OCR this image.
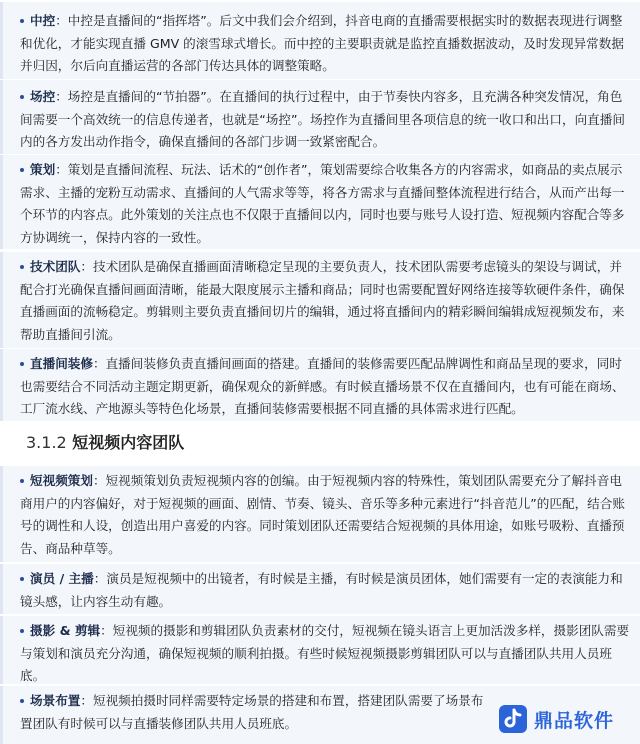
中控：中控是直播间的“指挥塔”。后文中我们会介绍到，抖音电商的直播需要根据实时的数据表现进行调整和优化，才能实现直播 GMV 的滚雪球式增长。而中控的主要职责就是监控直播数据波动，及时发现异常数据并归因，尔后向直播运营的各部门传达具体的调整策略。

场控：场控是直播间的“节拍器”。在直播间的执行过程中，由于节奏快内容多，且充满各种突发情况，角色间需要一个高效统一的信息传递者，也就是“场控”。场控作为直播间里各项信息的统一收口和出口，向直播间内的各方发出动作指令，确保直播间的各部门步调一致紧密配合。

策划：策划是直播间流程、玩法、话术的“创作者”，策划需要综合收集各方的内容需求，如商品的卖点展示需求、主播的宠粉互动需求、直播间的人气需求等等，将各方需求与直播间整体流程进行结合，从而产出每一个环节的内容点。此外策划的关注点也不仅限于直播间以内，同时也要与账号人设打造、短视频内容配合等多方协调统一，保持内容的一致性。

技术团队：技术团队是确保直播画面清晰稳定呈现的主要负责人，技术团队需要考虑镜头的架设与调试，并配合打光确保直播间画面清晰，能最大限度展示主播和商品；同时也需要配置好网络连接等软硬件条件，确保直播画面的流畅稳定。剪辑则主要负责直播间切片的编辑，通过将直播间内的精彩瞬间编辑成短视频发布，来帮助直播间引流。

直播间装修：直播间装修负责直播间画面的搭建。直播间的装修需要匹配品牌调性和商品呈现的要求，同时也需要结合不同活动主题定期更新，确保观众的新鲜感。有时候直播场景不仅在直播间内，也有可能在商场、工厂流水线、产地源头等特色化场景，直播间装修需要根据不同直播的具体需求进行匹配。

3.1.2 短视频内容团队

短视频策划：短视频策划负责短视频内容的创编。由于短视频内容的特殊性，策划团队需要充分了解抖音电商用户的内容偏好，对于短视频的画面、剧情、节奏、镜头、音乐等多种元素进行“抖音范儿”的匹配，结合账号的调性和人设，创造出用户喜爱的内容。同时策划团队还需要结合短视频的具体用途，如账号吸粉、直播预告、商品种草等。

演员 / 主播：演员是短视频中的出镜者，有时候是主播，有时候是演员团体，她们需要有一定的表演能力和镜头感，让内容生动有趣。

摄影 & 剪辑：短视频的摄影和剪辑团队负责素材的交付，短视频在镜头语言上更加活泼多样，摄影团队需要与策划和演员充分沟通，确保短视频的顺利拍摄。有些时候短视频摄影剪辑团队可以与直播团队共用人员班底。

场景布置：短视频拍摄时同样需要特定场景的搭建和布置，搭建团队需要了场景布置团队有时候可以与直播装修团队共用人员班底。	鼎品软件
